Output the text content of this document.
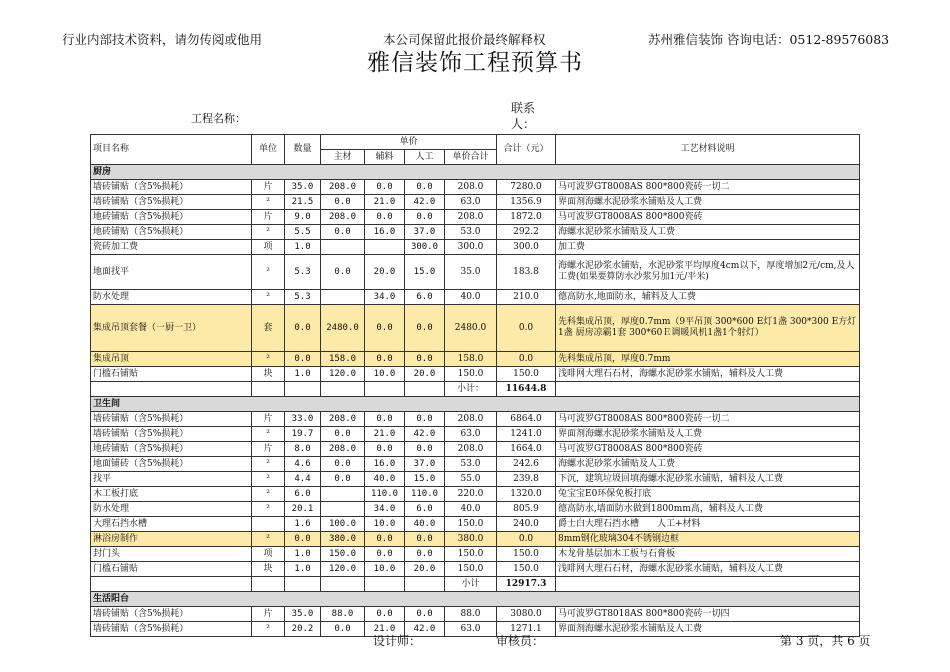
行业内部技术资料，请勿传阅或他用	本公司保留此报价最终解释权	苏州雅信装饰 咨询电话：0512-89576083
雅信装饰工程预算书
工程名称：
联系人：
项目名称	单位	数量	单价				合计（元）	工艺材料说明
			主材	辅料	人工	单价合计		
厨房								
墙砖铺贴（含5%损耗）	片	35.0	208.0	0.0	0.0	208.0	7280.0	马可波罗GT8008AS 800*800瓷砖一切二
墙砖铺贴（含5%损耗）	²	21.5	0.0	21.0	42.0	63.0	1356.9	界面剂海螺水泥砂浆水铺贴及人工费
地砖铺贴（含5%损耗）	片	9.0	208.0	0.0	0.0	208.0	1872.0	马可波罗GT8008AS 800*800瓷砖
地砖铺贴（含5%损耗）	²	5.5	0.0	16.0	37.0	53.0	292.2	海螺水泥砂浆水铺贴及人工费
瓷砖加工费	项	1.0			300.0	300.0	300.0	加工费
地面找平	²	5.3	0.0	20.0	15.0	35.0	183.8	海螺水泥砂浆水铺贴，水泥砂浆平均厚度4cm以下，厚度增加2元/cm,及人工费(如果要算防水沙浆另加1元/平米)
防水处理	²	5.3		34.0	6.0	40.0	210.0	德高防水,地面防水，辅料及人工费
集成吊顶套餐（一厨一卫）	套	0.0	2480.0	0.0	0.0	2480.0	0.0	先科集成吊顶，厚度0.7mm（9平吊顶 300*600 E灯1盏 300*300 E方灯1盏 厨房凉霸1套 300*60Ｅ调暖风机1盏1个射灯）
集成吊顶	²	0.0	158.0	0.0	0.0	158.0	0.0	先科集成吊顶，厚度0.7mm
门槛石铺贴	块	1.0	120.0	10.0	20.0	150.0	150.0	浅啡网大理石石材，海螺水泥砂浆水铺贴，辅料及人工费
						小计：	11644.8	
卫生间								
墙砖铺贴（含5%损耗）	片	33.0	208.0	0.0	0.0	208.0	6864.0	马可波罗GT8008AS 800*800瓷砖一切二
墙砖铺贴（含5%损耗）	²	19.7	0.0	21.0	42.0	63.0	1241.0	界面剂海螺水泥砂浆水铺贴及人工费
地砖铺贴（含5%损耗）	片	8.0	208.0	0.0	0.0	208.0	1664.0	马可波罗GT8008AS 800*800瓷砖
地面铺砖（含5%损耗）	²	4.6	0.0	16.0	37.0	53.0	242.6	海螺水泥砂浆水铺贴及人工费
找平	²	4.4	0.0	40.0	15.0	55.0	239.8	下沉，建筑垃圾回填海螺水泥砂浆水铺贴，辅料及人工费
木工板打底	²	6.0		110.0	110.0	220.0	1320.0	兔宝宝E0环保免板打底
防水处理	²	20.1		34.0	6.0	40.0	805.9	德高防水,墙面防水做到1800mm高，辅料及人工费
大理石挡水槽		1.6	100.0	10.0	40.0	150.0	240.0	爵士白大理石挡水槽　　人工+材料
淋浴房制作	²	0.0	380.0	0.0	0.0	380.0	0.0	8mm钢化玻璃304不锈钢边框
封门头	项	1.0	150.0	0.0	0.0	150.0	150.0	木龙骨基层加木工板与石膏板
门槛石铺贴	块	1.0	120.0	10.0	20.0	150.0	150.0	浅啡网大理石石材，海螺水泥砂浆水铺贴，辅料及人工费
						小计	12917.3	
生活阳台								
墙砖铺贴（含5%损耗）	片	35.0	88.0	0.0	0.0	88.0	3080.0	马可波罗GT8018AS 800*800瓷砖一切四
墙砖铺贴（含5%损耗）	²	20.2	0.0	21.0	42.0	63.0	1271.1	界面剂海螺水泥砂浆水铺贴及人工费
设计师：	审核员：	第 3 页，共 6 页
